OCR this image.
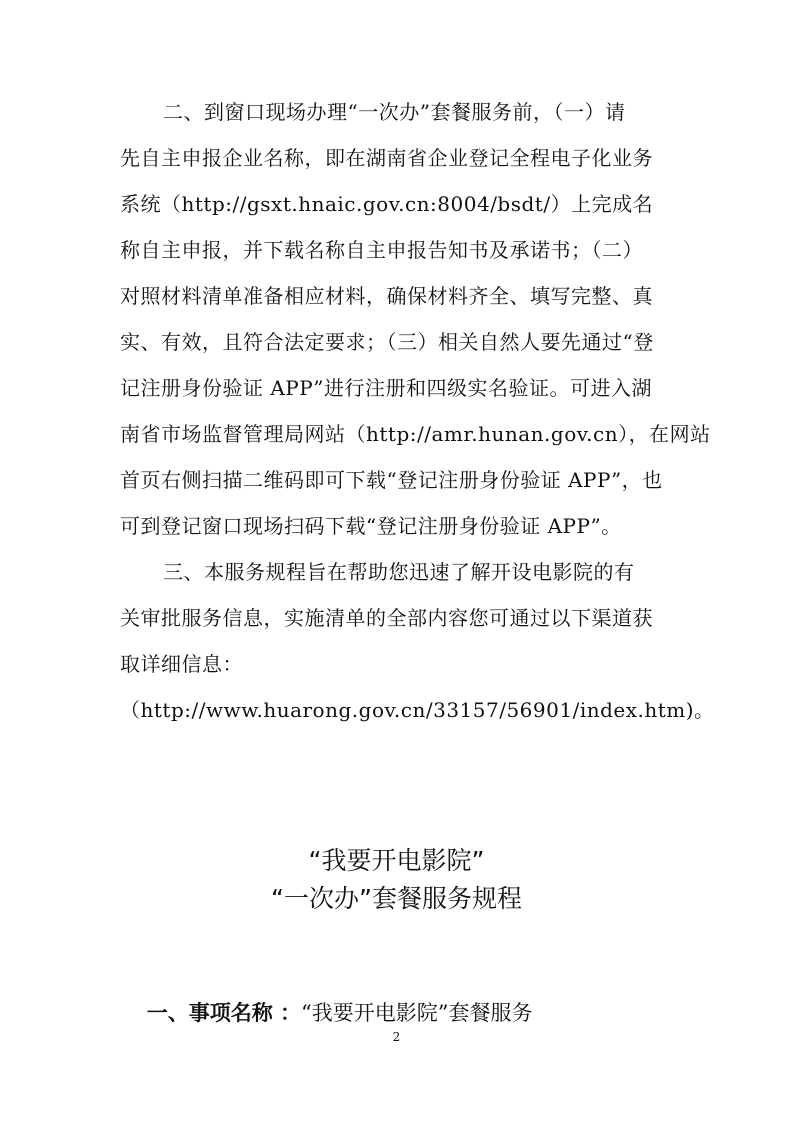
二、到窗口现场办理“一次办”套餐服务前，（一）请
先自主申报企业名称，即在湖南省企业登记全程电子化业务
系统（http://gsxt.hnaic.gov.cn:8004/bsdt/）上完成名
称自主申报，并下载名称自主申报告知书及承诺书；（二）
对照材料清单准备相应材料，确保材料齐全、填写完整、真
实、有效，且符合法定要求；（三）相关自然人要先通过“登
记注册身份验证 APP”进行注册和四级实名验证。可进入湖
南省市场监督管理局网站（http://amr.hunan.gov.cn），在网站
首页右侧扫描二维码即可下载“登记注册身份验证 APP”，也
可到登记窗口现场扫码下载“登记注册身份验证 APP”。
三、本服务规程旨在帮助您迅速了解开设电影院的有
关审批服务信息，实施清单的全部内容您可通过以下渠道获
取详细信息：
（http://www.huarong.gov.cn/33157/56901/index.htm)。
“我要开电影院”
“一次办”套餐服务规程

一、事项名称 ：“我要开电影院”套餐服务

2
